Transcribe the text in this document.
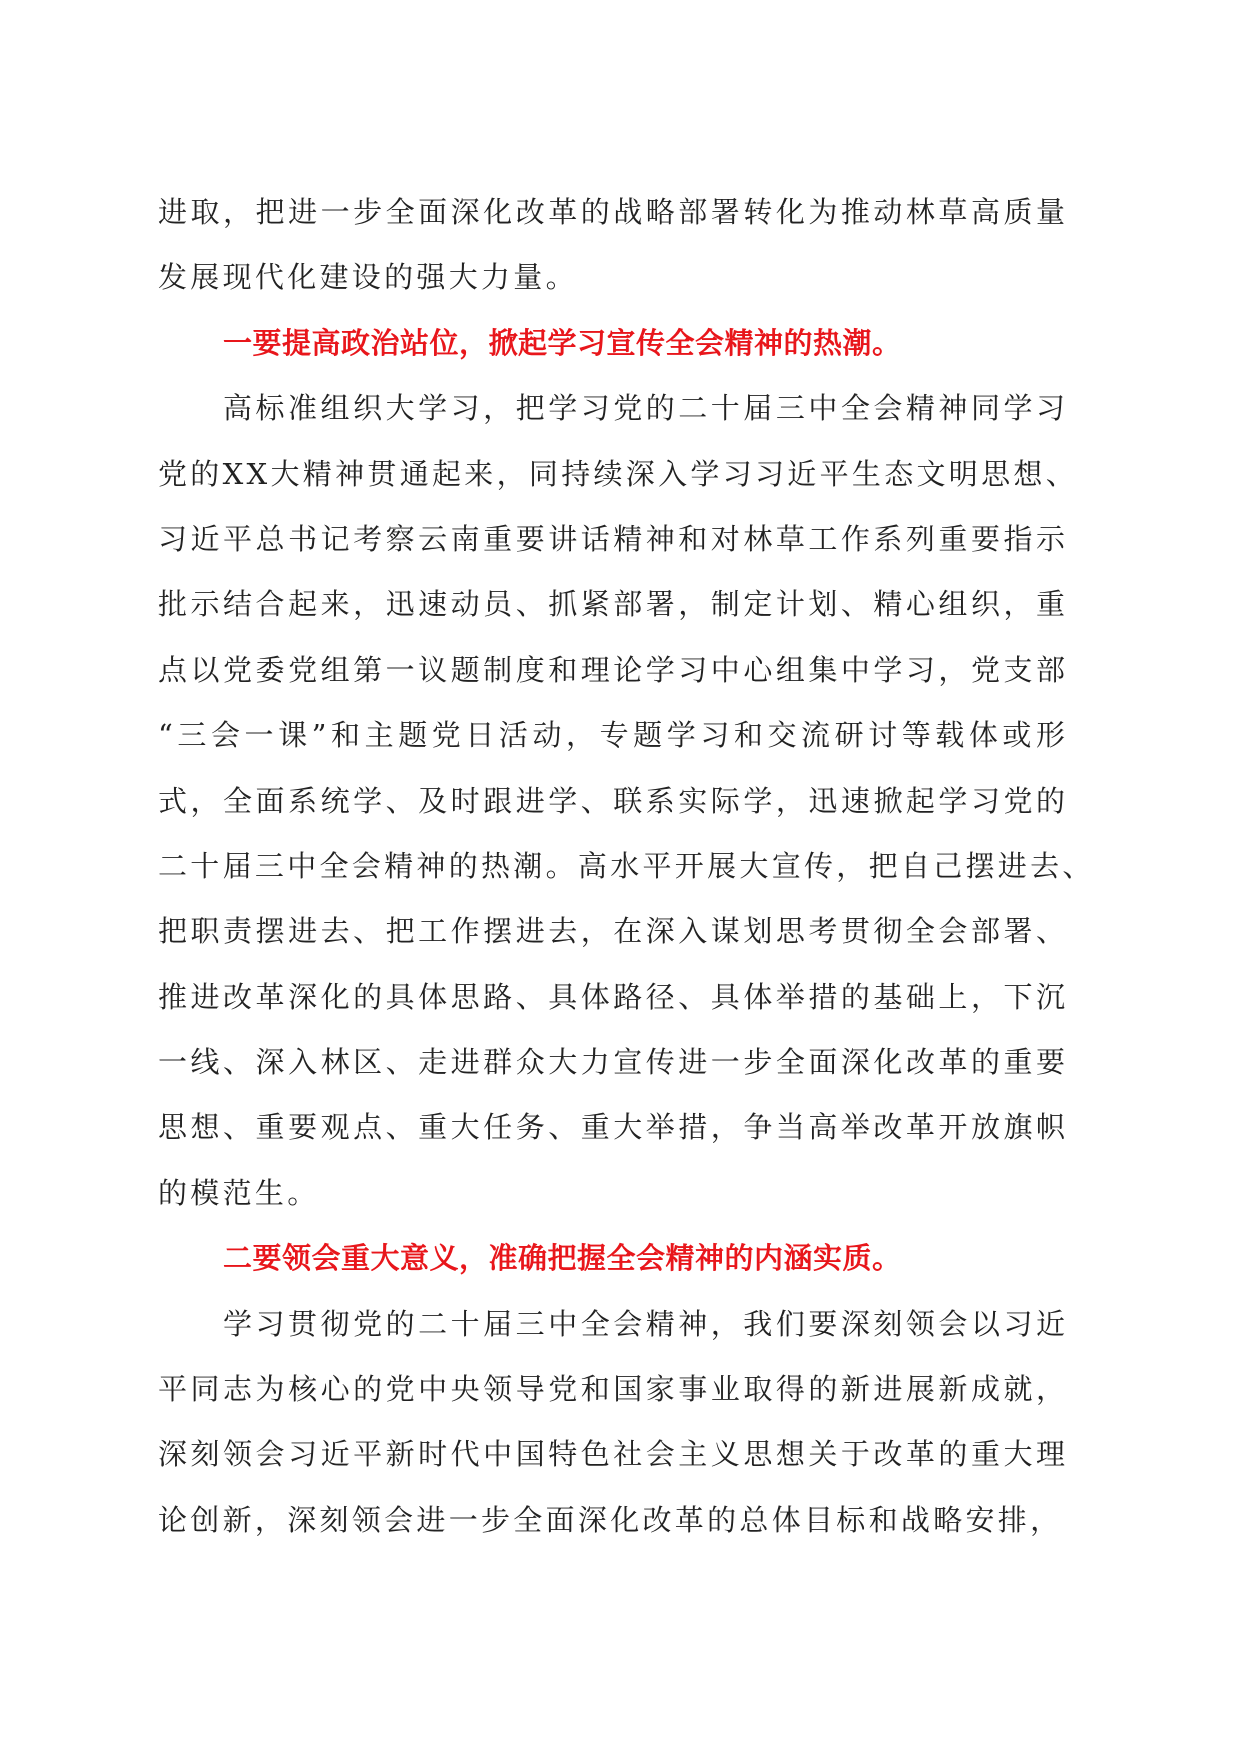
进取，把进一步全面深化改革的战略部署转化为推动林草高质量
发展现代化建设的强大力量。
一要提高政治站位，掀起学习宣传全会精神的热潮。
高标准组织大学习，把学习党的二十届三中全会精神同学习
党的XX大精神贯通起来，同持续深入学习习近平生态文明思想、
习近平总书记考察云南重要讲话精神和对林草工作系列重要指示
批示结合起来，迅速动员、抓紧部署，制定计划、精心组织，重
点以党委党组第一议题制度和理论学习中心组集中学习，党支部
“三会一课”和主题党日活动，专题学习和交流研讨等载体或形
式，全面系统学、及时跟进学、联系实际学，迅速掀起学习党的
二十届三中全会精神的热潮。高水平开展大宣传，把自己摆进去、
把职责摆进去、把工作摆进去，在深入谋划思考贯彻全会部署、
推进改革深化的具体思路、具体路径、具体举措的基础上，下沉
一线、深入林区、走进群众大力宣传进一步全面深化改革的重要
思想、重要观点、重大任务、重大举措，争当高举改革开放旗帜
的模范生。
二要领会重大意义，准确把握全会精神的内涵实质。
学习贯彻党的二十届三中全会精神，我们要深刻领会以习近
平同志为核心的党中央领导党和国家事业取得的新进展新成就，
深刻领会习近平新时代中国特色社会主义思想关于改革的重大理
论创新，深刻领会进一步全面深化改革的总体目标和战略安排，
